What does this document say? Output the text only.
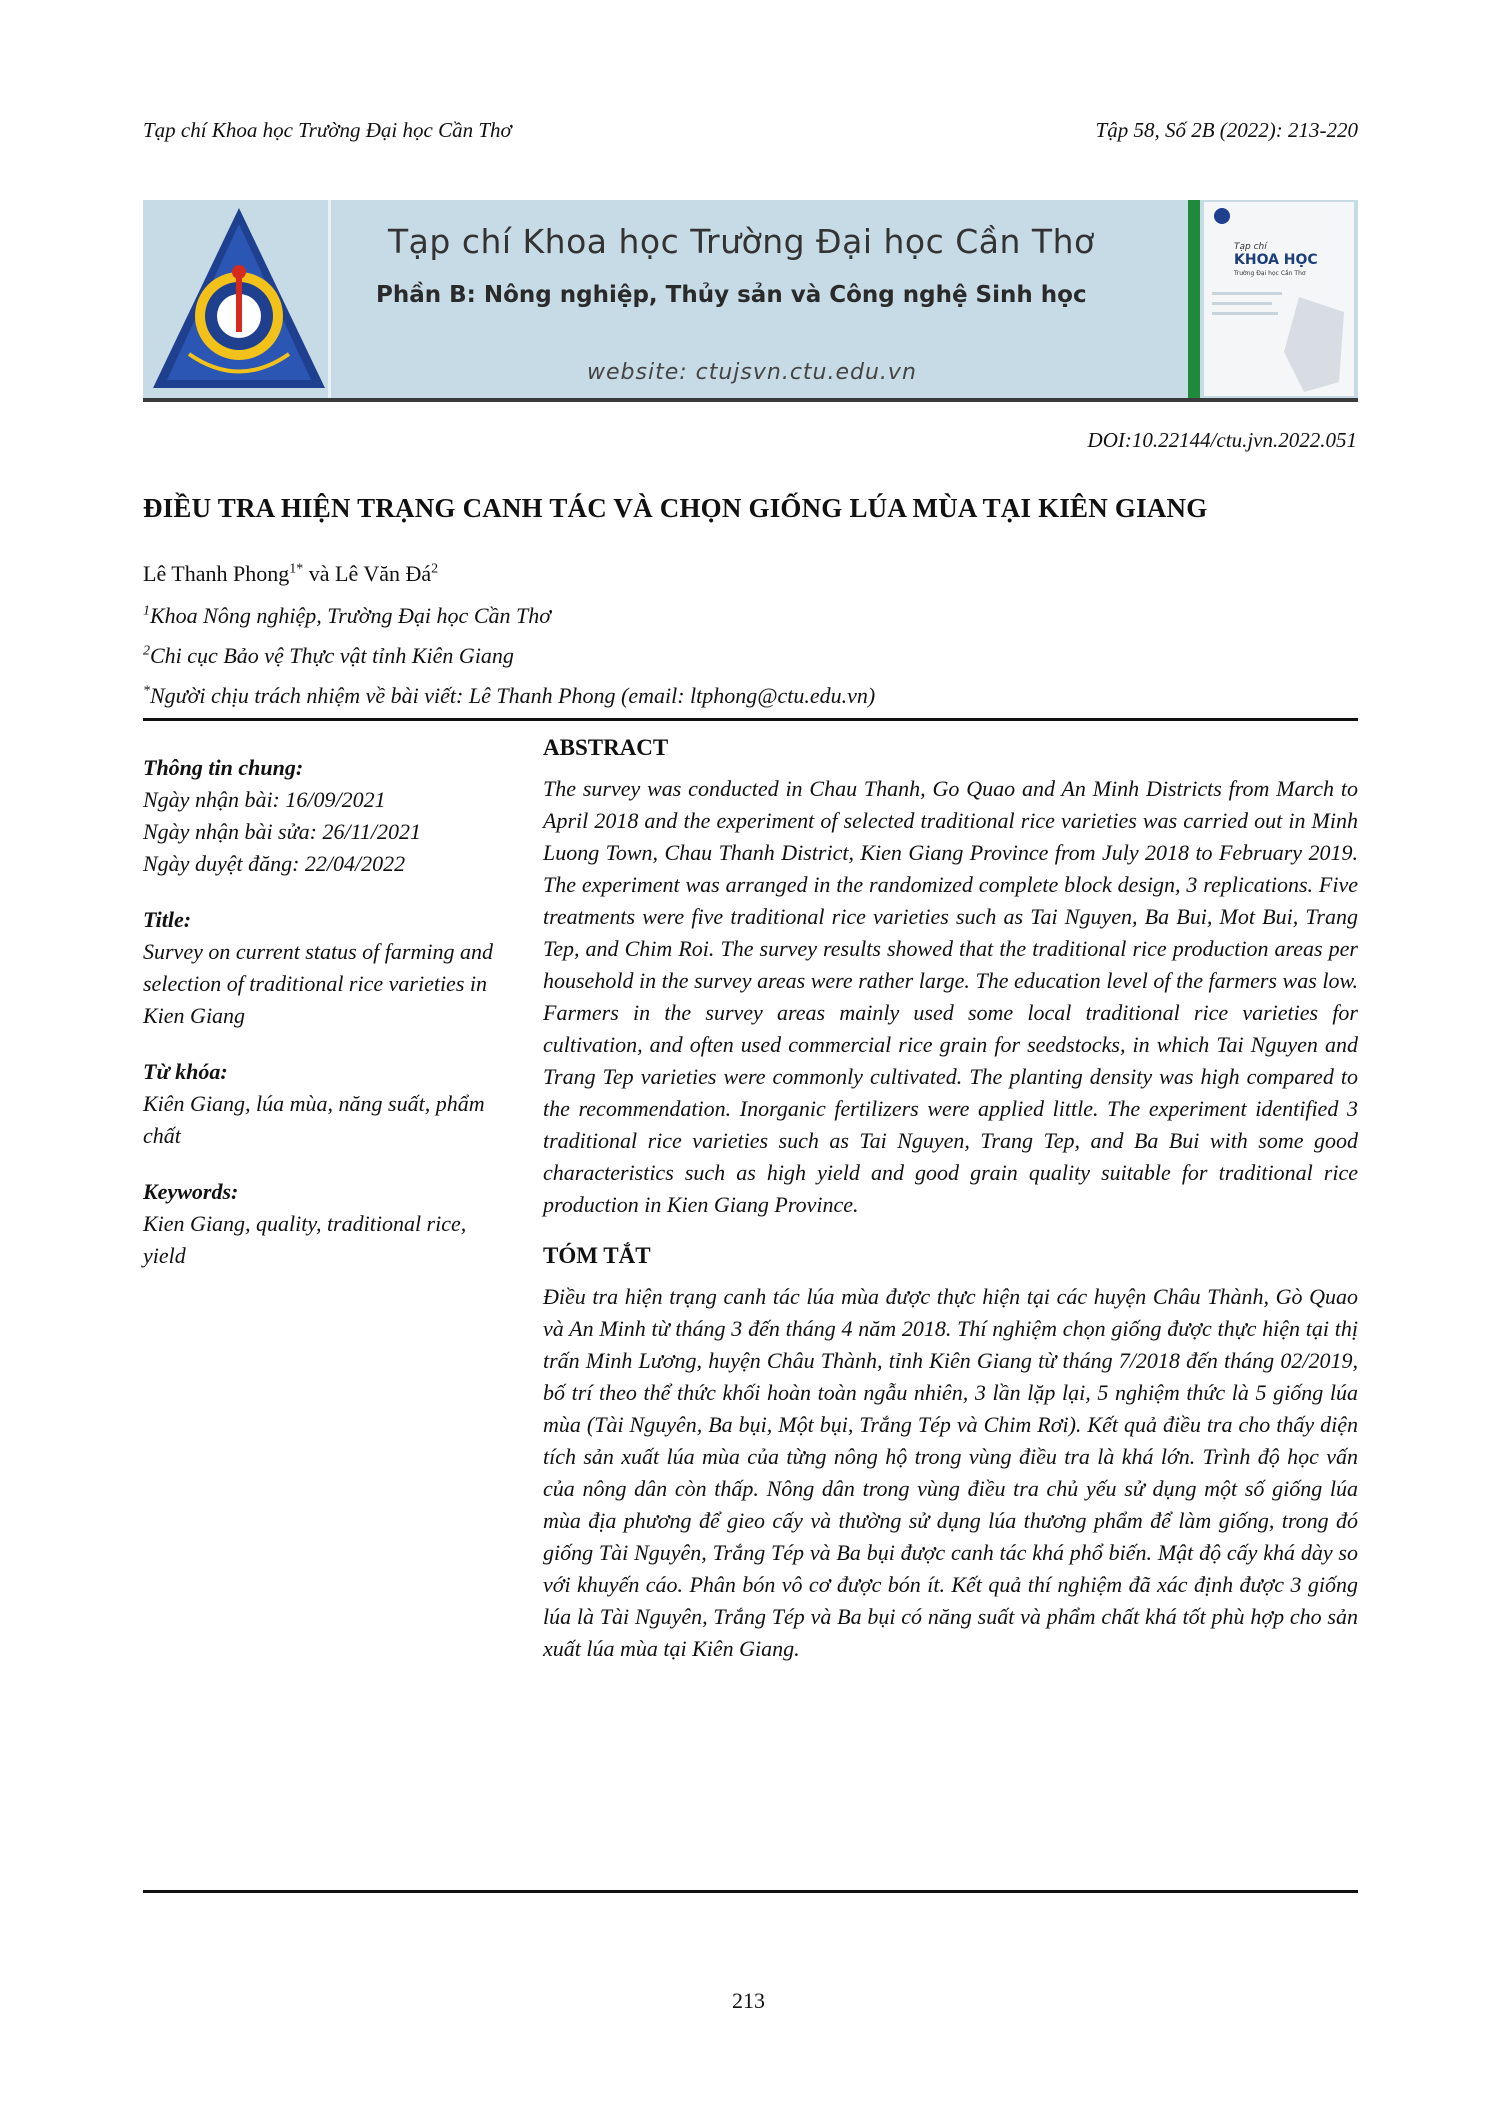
Tạp chí Khoa học Trường Đại học Cần Thơ	Tập 58, Số 2B (2022): 213-220
Tạp chí Khoa học Trường Đại học Cần Thơ
Phần B: Nông nghiệp, Thủy sản và Công nghệ Sinh học
website: ctujsvn.ctu.edu.vn
Tạp chí
KHOA HỌC
Trường Đại học Cần Thơ
DOI:10.22144/ctu.jvn.2022.051
ĐIỀU TRA HIỆN TRẠNG CANH TÁC VÀ CHỌN GIỐNG LÚA MÙA TẠI KIÊN GIANG
Lê Thanh Phong$^{1*}$ và Lê Văn $Đá^2$
$^1$Khoa Nông nghiệp, Trường Đại học Cần Thơ
$^2$Chi cục Bảo vệ Thực vật tỉnh Kiên Giang
*Người chịu trách nhiệm về bài viết: Lê Thanh Phong (email: ltphong@ctu.edu.vn)
Thông tin chung:
Ngày nhận bài: 16/09/2021
Ngày nhận bài sửa: 26/11/2021
Ngày duyệt đăng: 22/04/2022
Title:
Survey on current status of farming and selection of traditional rice varieties in Kien Giang
Từ khóa:
Kiên Giang, lúa mùa, năng suất, phẩm chất
Keywords:
Kien Giang, quality, traditional rice, yield
ABSTRACT

The survey was conducted in Chau Thanh, Go Quao and An Minh Districts from March to April 2018 and the experiment of selected traditional rice varieties was carried out in Minh Luong Town, Chau Thanh District, Kien Giang Province from July 2018 to February 2019. The experiment was arranged in the randomized complete block design, 3 replications. Five treatments were five traditional rice varieties such as Tai Nguyen, Ba Bui, Mot Bui, Trang Tep, and Chim Roi. The survey results showed that the traditional rice production areas per household in the survey areas were rather large. The education level of the farmers was low. Farmers in the survey areas mainly used some local traditional rice varieties for cultivation, and often used commercial rice grain for seedstocks, in which Tai Nguyen and Trang Tep varieties were commonly cultivated. The planting density was high compared to the recommendation. Inorganic fertilizers were applied little. The experiment identified 3 traditional rice varieties such as Tai Nguyen, Trang Tep, and Ba Bui with some good characteristics such as high yield and good grain quality suitable for traditional rice production in Kien Giang Province.

TÓM TẮT

Điều tra hiện trạng canh tác lúa mùa được thực hiện tại các huyện Châu Thành, Gò Quao và An Minh từ tháng 3 đến tháng 4 năm 2018. Thí nghiệm chọn giống được thực hiện tại thị trấn Minh Lương, huyện Châu Thành, tỉnh Kiên Giang từ tháng 7/2018 đến tháng 02/2019, bố trí theo thể thức khối hoàn toàn ngẫu nhiên, 3 lần lặp lại, 5 nghiệm thức là 5 giống lúa mùa (Tài Nguyên, Ba bụi, Một bụi, Trắng Tép và Chim Rơi). Kết quả điều tra cho thấy diện tích sản xuất lúa mùa của từng nông hộ trong vùng điều tra là khá lớn. Trình độ học vấn của nông dân còn thấp. Nông dân trong vùng điều tra chủ yếu sử dụng một số giống lúa mùa địa phương để gieo cấy và thường sử dụng lúa thương phẩm để làm giống, trong đó giống Tài Nguyên, Trắng Tép và Ba bụi được canh tác khá phổ biến. Mật độ cấy khá dày so với khuyến cáo. Phân bón vô cơ được bón ít. Kết quả thí nghiệm đã xác định được 3 giống lúa là Tài Nguyên, Trắng Tép và Ba bụi có năng suất và phẩm chất khá tốt phù hợp cho sản xuất lúa mùa tại Kiên Giang.

213
